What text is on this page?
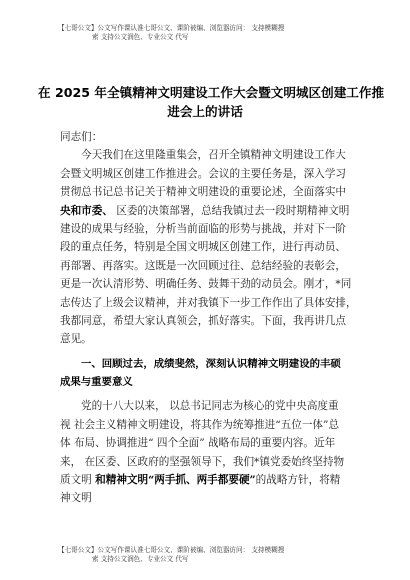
【七哥公文】公文写作课认准七哥公文、课阶被编、浏览器访问： 支持模糊搜
索 支持公文润色、专业公文 代写
在 2025 年全镇精神文明建设工作大会暨文明城区创建工作推
进会上的讲话
同志们：
今天我们在这里隆重集会，召开全镇精神文明建设工作大
会暨文明城区创建工作推进会。会议的主要任务是，深入学习
贯彻总书记总书记关于精神文明建设的重要论述，全面落实中
央和市委、 区委的决策部署，总结我镇过去一段时期精神文明
建设的成果与经验，分析当前面临的形势与挑战，并对下一阶
段的重点任务，特别是全国文明城区创建工作，进行再动员、
再部署、再落实。这既是一次回顾过往、总结经验的表彰会，
更是一次认清形势、明确任务、鼓舞干劲的动员会。刚才，*同
志传达了上级会议精神，并对我镇下一步工作作出了具体安排，
我都同意，希望大家认真领会，抓好落实。下面，我再讲几点
意见。
一、回顾过去，成绩斐然，深刻认识精神文明建设的丰硕
成果与重要意义
党的十八大以来， 以总书记同志为核心的党中央高度重
视 社会主义精神文明建设，将其作为统筹推进“五位一体”总
体 布局、协调推进“ 四个全面” 战略布局的重要内容。近年
来， 在区委、区政府的坚强领导下，我们*镇党委始终坚持物
质文明 和精神文明“两手抓、两手都要硬”的战略方针，将精
神文明
【七哥公文】公文写作课认准七哥公文、课阶被编、浏览器访问： 支持模糊搜
索 支持公文润色、专业公文 代写
